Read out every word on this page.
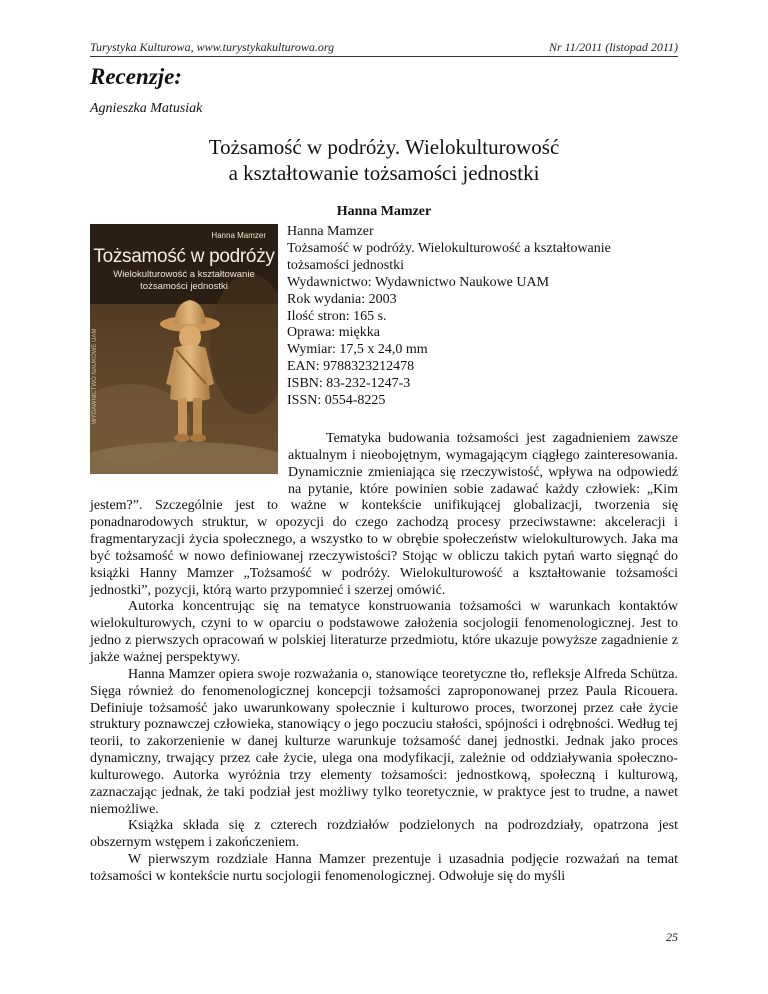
Turystyka Kulturowa, www.turystykakulturowa.org	Nr 11/2011 (listopad 2011)
Recenzje:
Agnieszka Matusiak
Tożsamość w podróży. Wielokulturowość
a kształtowanie tożsamości jednostki
Hanna Mamzer
Hanna Mamzer
Tożsamość w podróży
Wielokulturowość a kształtowanie
tożsamości jednostki
WYDAWNICTWO NAUKOWE UAM
Hanna Mamzer
Tożsamość w podróży. Wielokulturowość a kształtowanie
tożsamości jednostki
Wydawnictwo: Wydawnictwo Naukowe UAM
Rok wydania: 2003
Ilość stron: 165 s.
Oprawa: miękka
Wymiar: 17,5 x 24,0 mm
EAN: 9788323212478
ISBN: 83-232-1247-3
ISSN: 0554-8225

Tematyka budowania tożsamości jest zagadnieniem zawsze aktualnym i nieobojętnym, wymagającym ciągłego zainteresowania. Dynamicznie zmieniająca się rzeczywistość, wpływa na odpowiedź na pytanie, które powinien sobie zadawać każdy człowiek: „Kim jestem?”. Szczególnie jest to ważne w kontekście unifikującej globalizacji, tworzenia się ponadnarodowych struktur, w opozycji do czego zachodzą procesy przeciwstawne: akceleracji i fragmentaryzacji życia społecznego, a wszystko to w obrębie społeczeństw wielokulturowych. Jaka ma być tożsamość w nowo definiowanej rzeczywistości? Stojąc w obliczu takich pytań warto sięgnąć do książki Hanny Mamzer „Tożsamość w podróży. Wielokulturowość a kształtowanie tożsamości jednostki”, pozycji, którą warto przypomnieć i szerzej omówić.

Autorka koncentrując się na tematyce konstruowania tożsamości w warunkach kontaktów wielokulturowych, czyni to w oparciu o podstawowe założenia socjologii fenomenologicznej. Jest to jedno z pierwszych opracowań w polskiej literaturze przedmiotu, które ukazuje powyższe zagadnienie z jakże ważnej perspektywy.

Hanna Mamzer opiera swoje rozważania o, stanowiące teoretyczne tło, refleksje Alfreda Schütza. Sięga również do fenomenologicznej koncepcji tożsamości zaproponowanej przez Paula Ricouera. Definiuje tożsamość jako uwarunkowany społecznie i kulturowo proces, tworzonej przez całe życie struktury poznawczej człowieka, stanowiący o jego poczuciu stałości, spójności i odrębności. Według tej teorii, to zakorzenienie w danej kulturze warunkuje tożsamość danej jednostki. Jednak jako proces dynamiczny, trwający przez całe życie, ulega ona modyfikacji, zależnie od oddziaływania społeczno-kulturowego. Autorka wyróżnia trzy elementy tożsamości: jednostkową, społeczną i kulturową, zaznaczając jednak, że taki podział jest możliwy tylko teoretycznie, w praktyce jest to trudne, a nawet niemożliwe.

Książka składa się z czterech rozdziałów podzielonych na podrozdziały, opatrzona jest obszernym wstępem i zakończeniem.

W pierwszym rozdziale Hanna Mamzer prezentuje i uzasadnia podjęcie rozważań na temat tożsamości w kontekście nurtu socjologii fenomenologicznej. Odwołuje się do myśli

25
